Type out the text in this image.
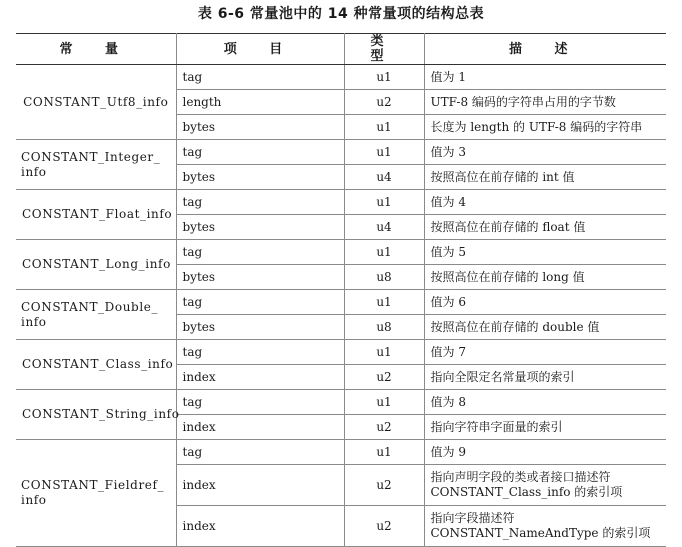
表 6-6 常量池中的 14 种常量项的结构总表
常 量	项 目	类 型	描 述
CONSTANT_Utf8_info	tag	u1	值为 1
	length	u2	UTF-8 编码的字符串占用的字节数
	bytes	u1	长度为 length 的 UTF-8 编码的字符串
CONSTANT_Integer_ info	tag	u1	值为 3
	bytes	u4	按照高位在前存储的 int 值
CONSTANT_Float_info	tag	u1	值为 4
	bytes	u4	按照高位在前存储的 float 值
CONSTANT_Long_info	tag	u1	值为 5
	bytes	u8	按照高位在前存储的 long 值
CONSTANT_Double_ info	tag	u1	值为 6
	bytes	u8	按照高位在前存储的 double 值
CONSTANT_Class_info	tag	u1	值为 7
	index	u2	指向全限定名常量项的索引
CONSTANT_String_info	tag	u1	值为 8
	index	u2	指向字符串字面量的索引
CONSTANT_Fieldref_ info	tag	u1	值为 9
	index	u2	指向声明字段的类或者接口描述符 CONSTANT_Class_info 的索引项
	index	u2	指向字段描述符 CONSTANT_NameAndType 的索引项
